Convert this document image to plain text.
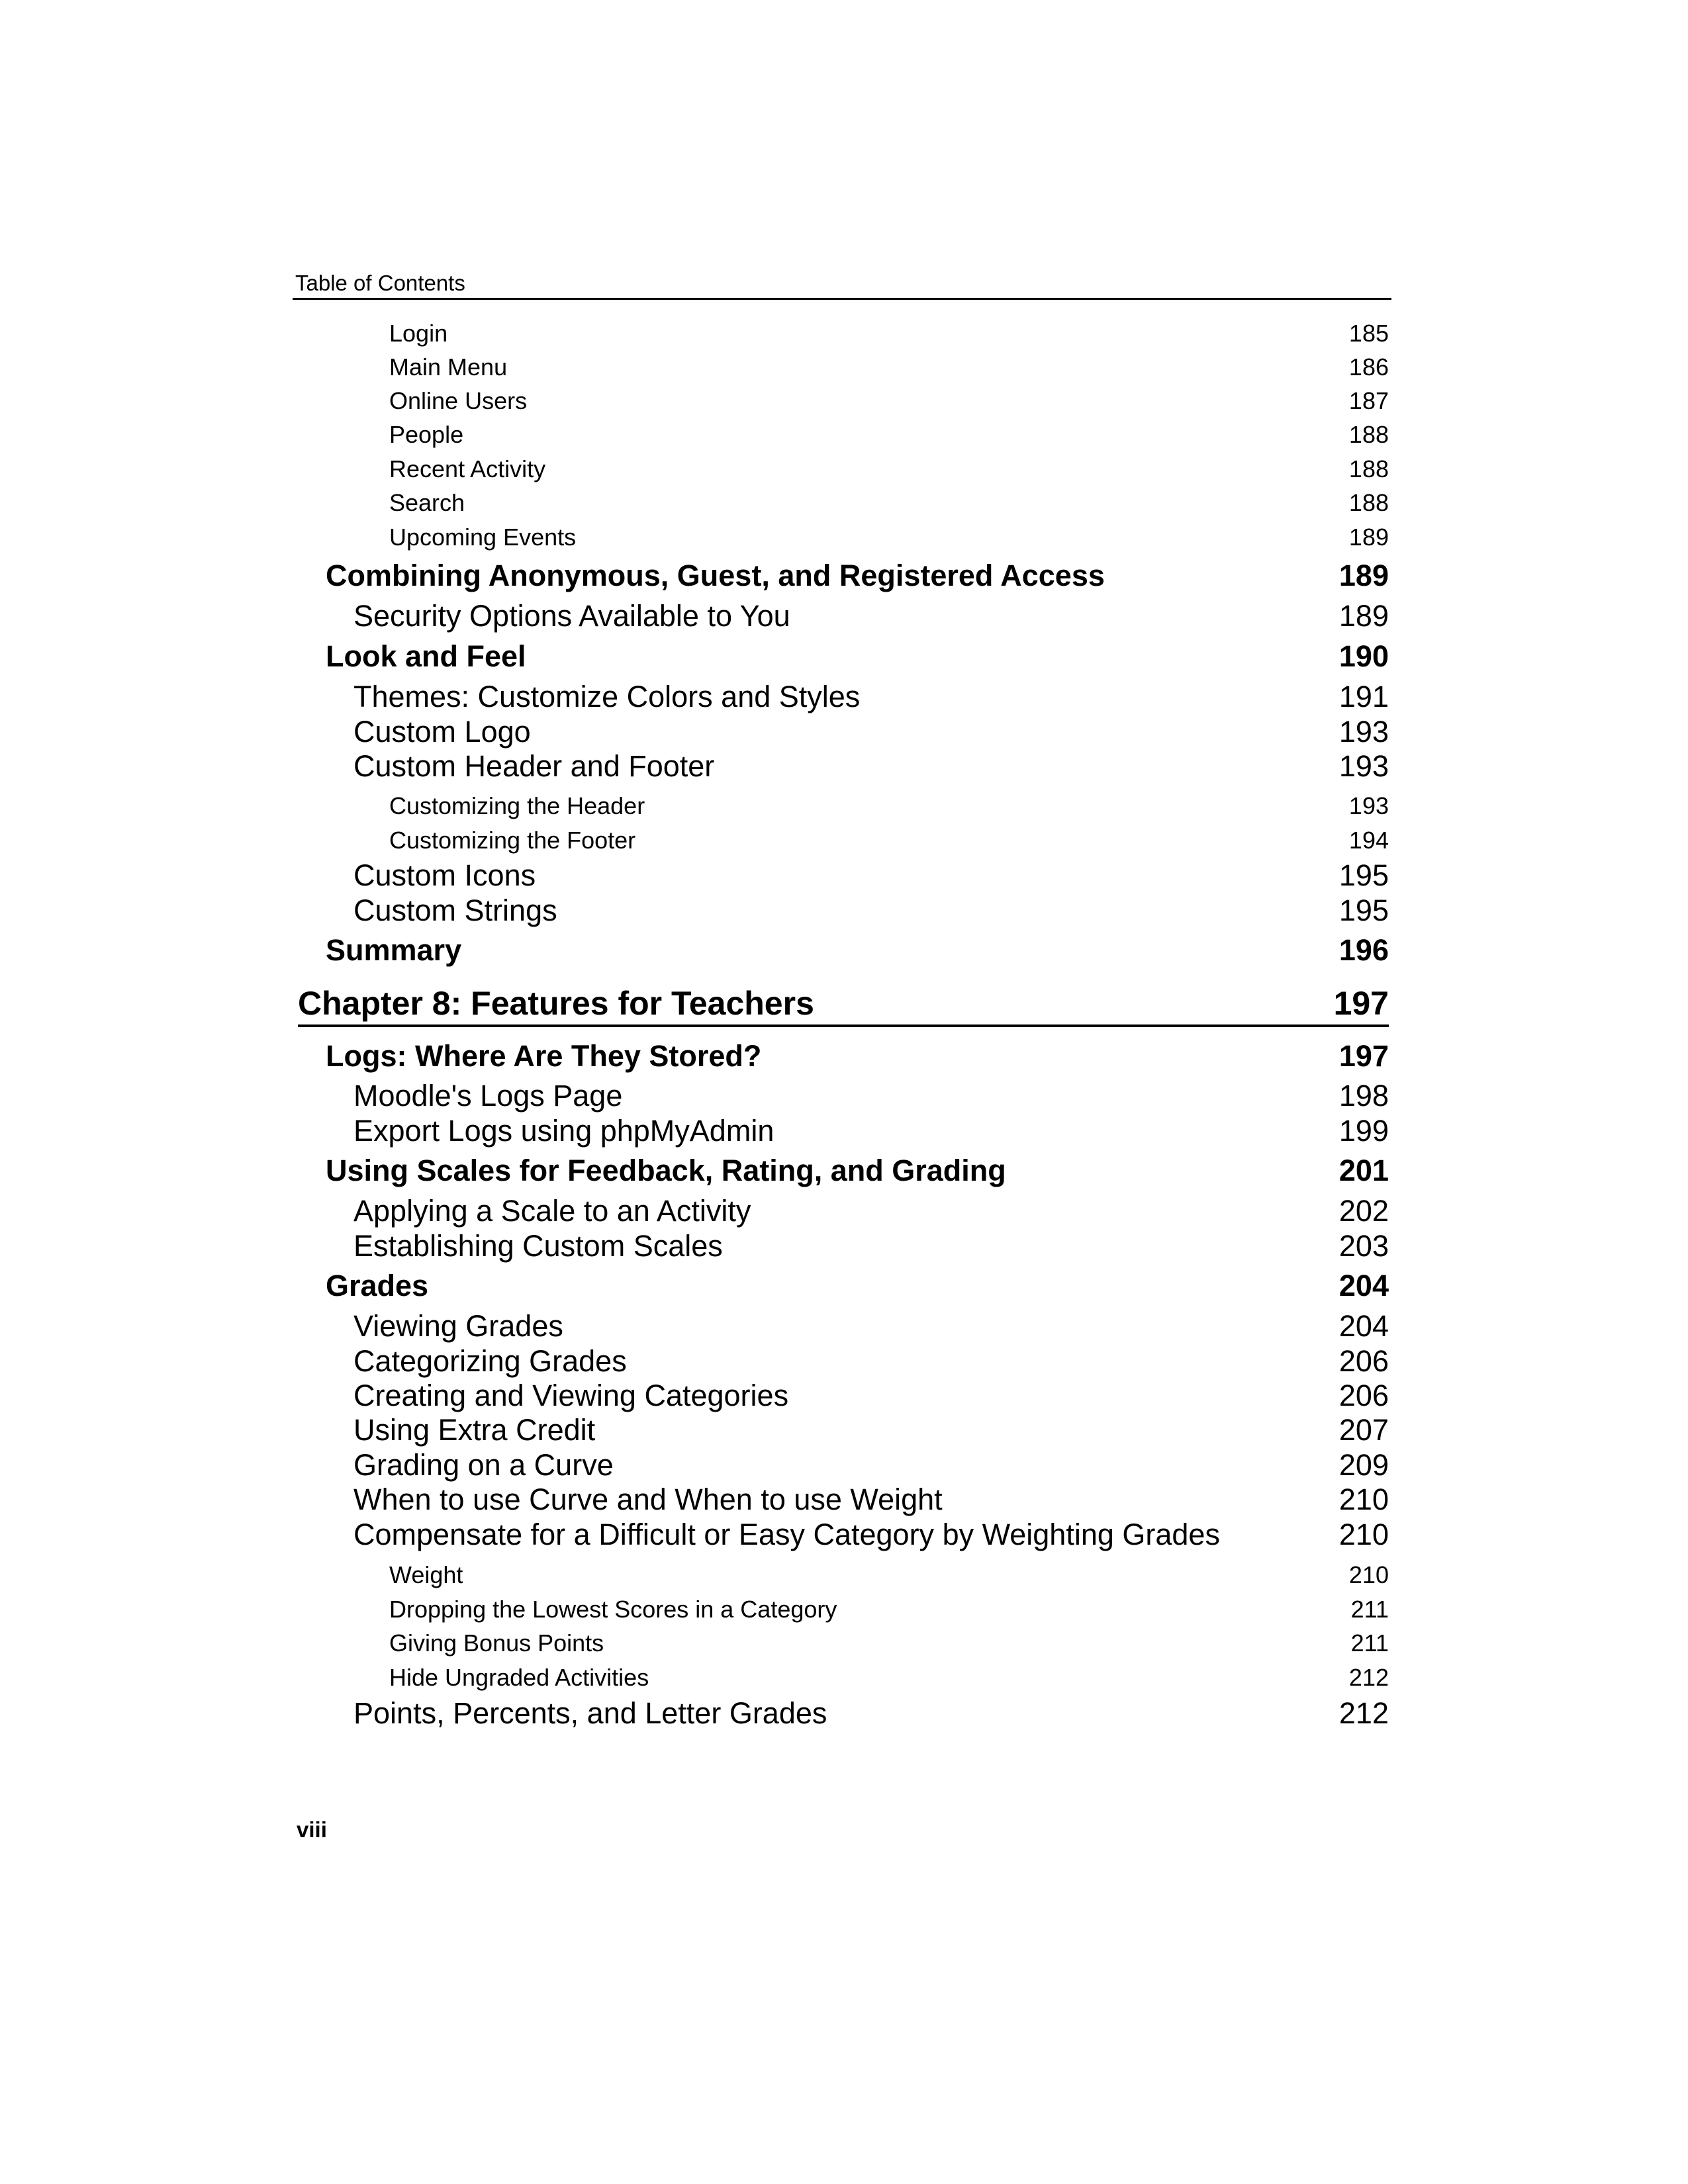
Table of Contents
Login	185
Main Menu	186
Online Users	187
People	188
Recent Activity	188
Search	188
Upcoming Events	189
Combining Anonymous, Guest, and Registered Access	189
Security Options Available to You	189
Look and Feel	190
Themes: Customize Colors and Styles	191
Custom Logo	193
Custom Header and Footer	193
Customizing the Header	193
Customizing the Footer	194
Custom Icons	195
Custom Strings	195
Summary	196
Chapter 8: Features for Teachers	197
Logs: Where Are They Stored?	197
Moodle's Logs Page	198
Export Logs using phpMyAdmin	199
Using Scales for Feedback, Rating, and Grading	201
Applying a Scale to an Activity	202
Establishing Custom Scales	203
Grades	204
Viewing Grades	204
Categorizing Grades	206
Creating and Viewing Categories	206
Using Extra Credit	207
Grading on a Curve	209
When to use Curve and When to use Weight	210
Compensate for a Difficult or Easy Category by Weighting Grades	210
Weight	210
Dropping the Lowest Scores in a Category	211
Giving Bonus Points	211
Hide Ungraded Activities	212
Points, Percents, and Letter Grades	212
viii
